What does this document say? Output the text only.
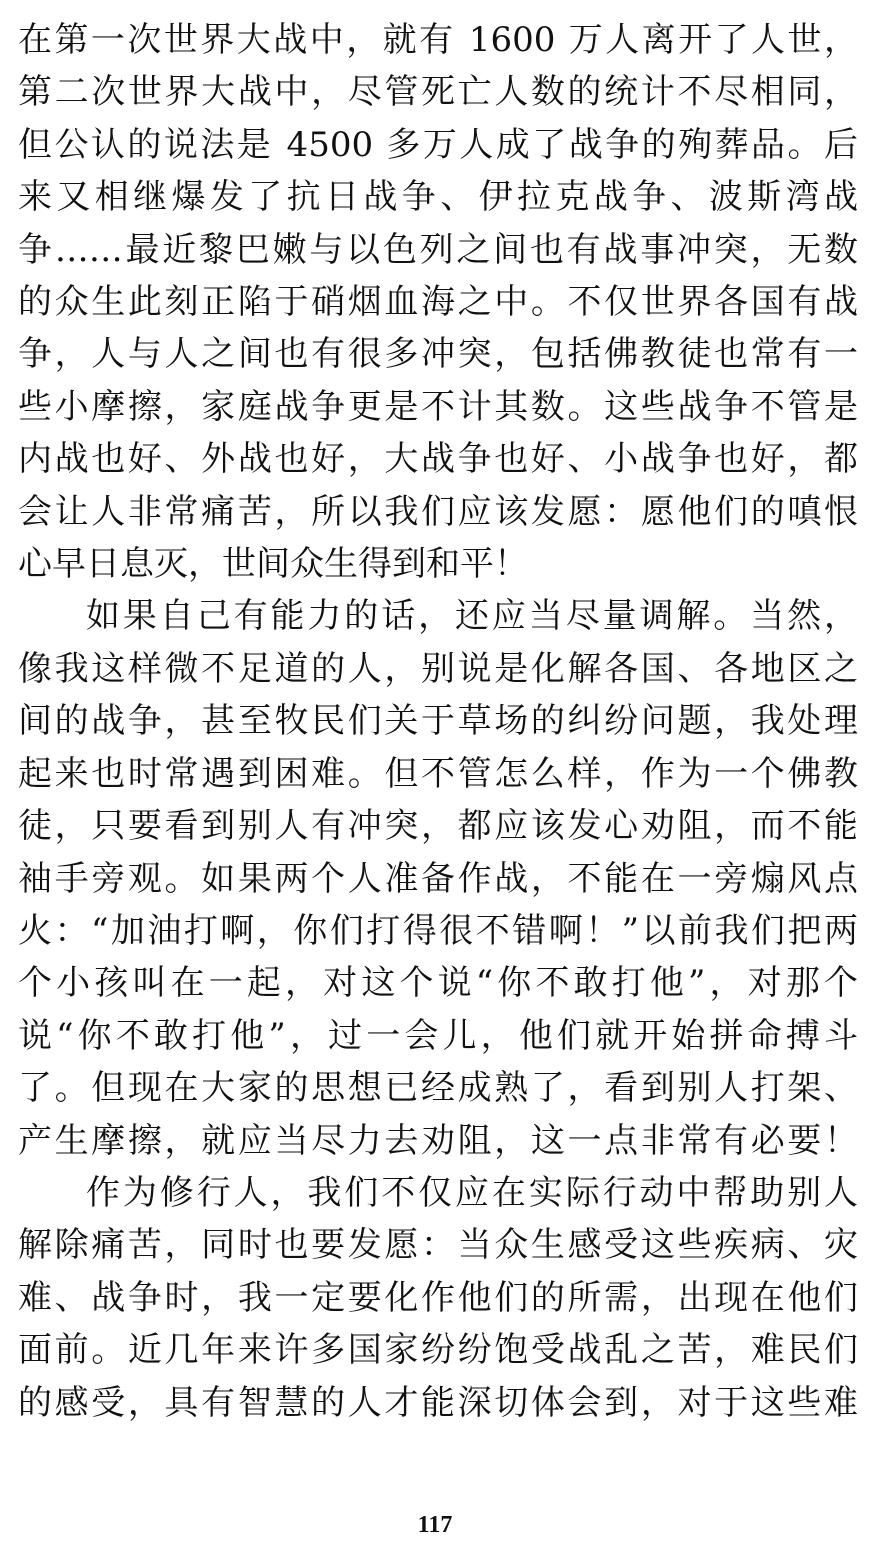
在第一次世界大战中，就有 1600 万人离开了人世，
第二次世界大战中，尽管死亡人数的统计不尽相同，
但公认的说法是 4500 多万人成了战争的殉葬品。后
来又相继爆发了抗日战争、伊拉克战争、波斯湾战
争……最近黎巴嫩与以色列之间也有战事冲突，无数
的众生此刻正陷于硝烟血海之中。不仅世界各国有战
争，人与人之间也有很多冲突，包括佛教徒也常有一
些小摩擦，家庭战争更是不计其数。这些战争不管是
内战也好、外战也好，大战争也好、小战争也好，都
会让人非常痛苦，所以我们应该发愿：愿他们的嗔恨
心早日息灭，世间众生得到和平！

如果自己有能力的话，还应当尽量调解。当然，
像我这样微不足道的人，别说是化解各国、各地区之
间的战争，甚至牧民们关于草场的纠纷问题，我处理
起来也时常遇到困难。但不管怎么样，作为一个佛教
徒，只要看到别人有冲突，都应该发心劝阻，而不能
袖手旁观。如果两个人准备作战，不能在一旁煽风点
火：“加油打啊，你们打得很不错啊！”以前我们把两
个小孩叫在一起，对这个说“你不敢打他”，对那个
说“你不敢打他”，过一会儿，他们就开始拼命搏斗
了。但现在大家的思想已经成熟了，看到别人打架、
产生摩擦，就应当尽力去劝阻，这一点非常有必要！

作为修行人，我们不仅应在实际行动中帮助别人
解除痛苦，同时也要发愿：当众生感受这些疾病、灾
难、战争时，我一定要化作他们的所需，出现在他们
面前。近几年来许多国家纷纷饱受战乱之苦，难民们
的感受，具有智慧的人才能深切体会到，对于这些难

117
